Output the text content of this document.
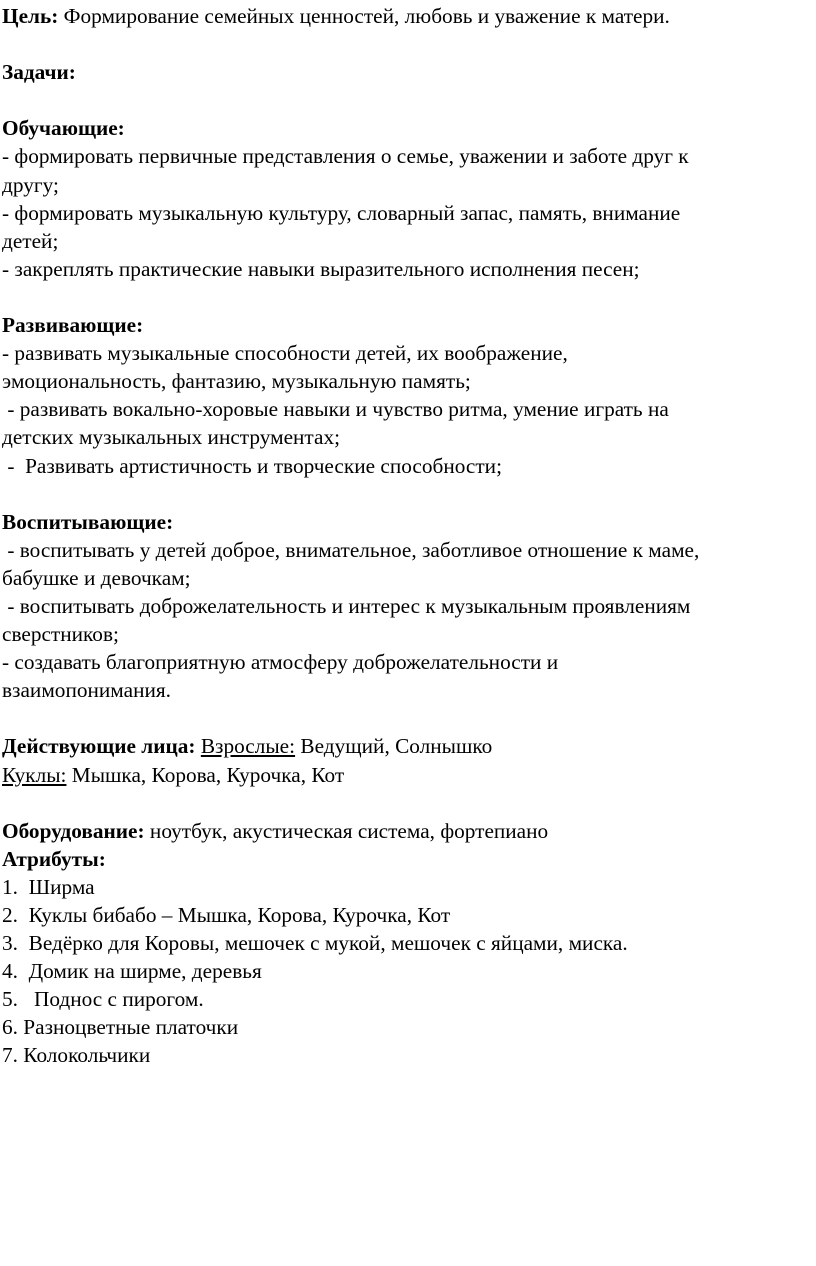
Цель: Формирование семейных ценностей, любовь и уважение к матери.

Задачи:

Обучающие:

- формировать первичные представления о семье, уважении и заботе друг к

другу;

- формировать музыкальную культуру, словарный запас, память, внимание

детей;

- закреплять практические навыки выразительного исполнения песен;

Развивающие:

- развивать музыкальные способности детей, их воображение,

эмоциональность, фантазию, музыкальную память;

- развивать вокально-хоровые навыки и чувство ритма, умение играть на

детских музыкальных инструментах;

-  Развивать артистичность и творческие способности;

Воспитывающие:

- воспитывать у детей доброе, внимательное, заботливое отношение к маме,

бабушке и девочкам;

- воспитывать доброжелательность и интерес к музыкальным проявлениям

сверстников;

- создавать благоприятную атмосферу доброжелательности и

взаимопонимания.

Действующие лица: Взрослые: Ведущий, Солнышко

Куклы: Мышка, Корова, Курочка, Кот

Оборудование: ноутбук, акустическая система, фортепиано

Атрибуты:

1.  Ширма

2.  Куклы бибабо – Мышка, Корова, Курочка, Кот

3.  Ведёрко для Коровы, мешочек с мукой, мешочек с яйцами, миска.

4.  Домик на ширме, деревья

5.   Поднос с пирогом.

6. Разноцветные платочки

7. Колокольчики
